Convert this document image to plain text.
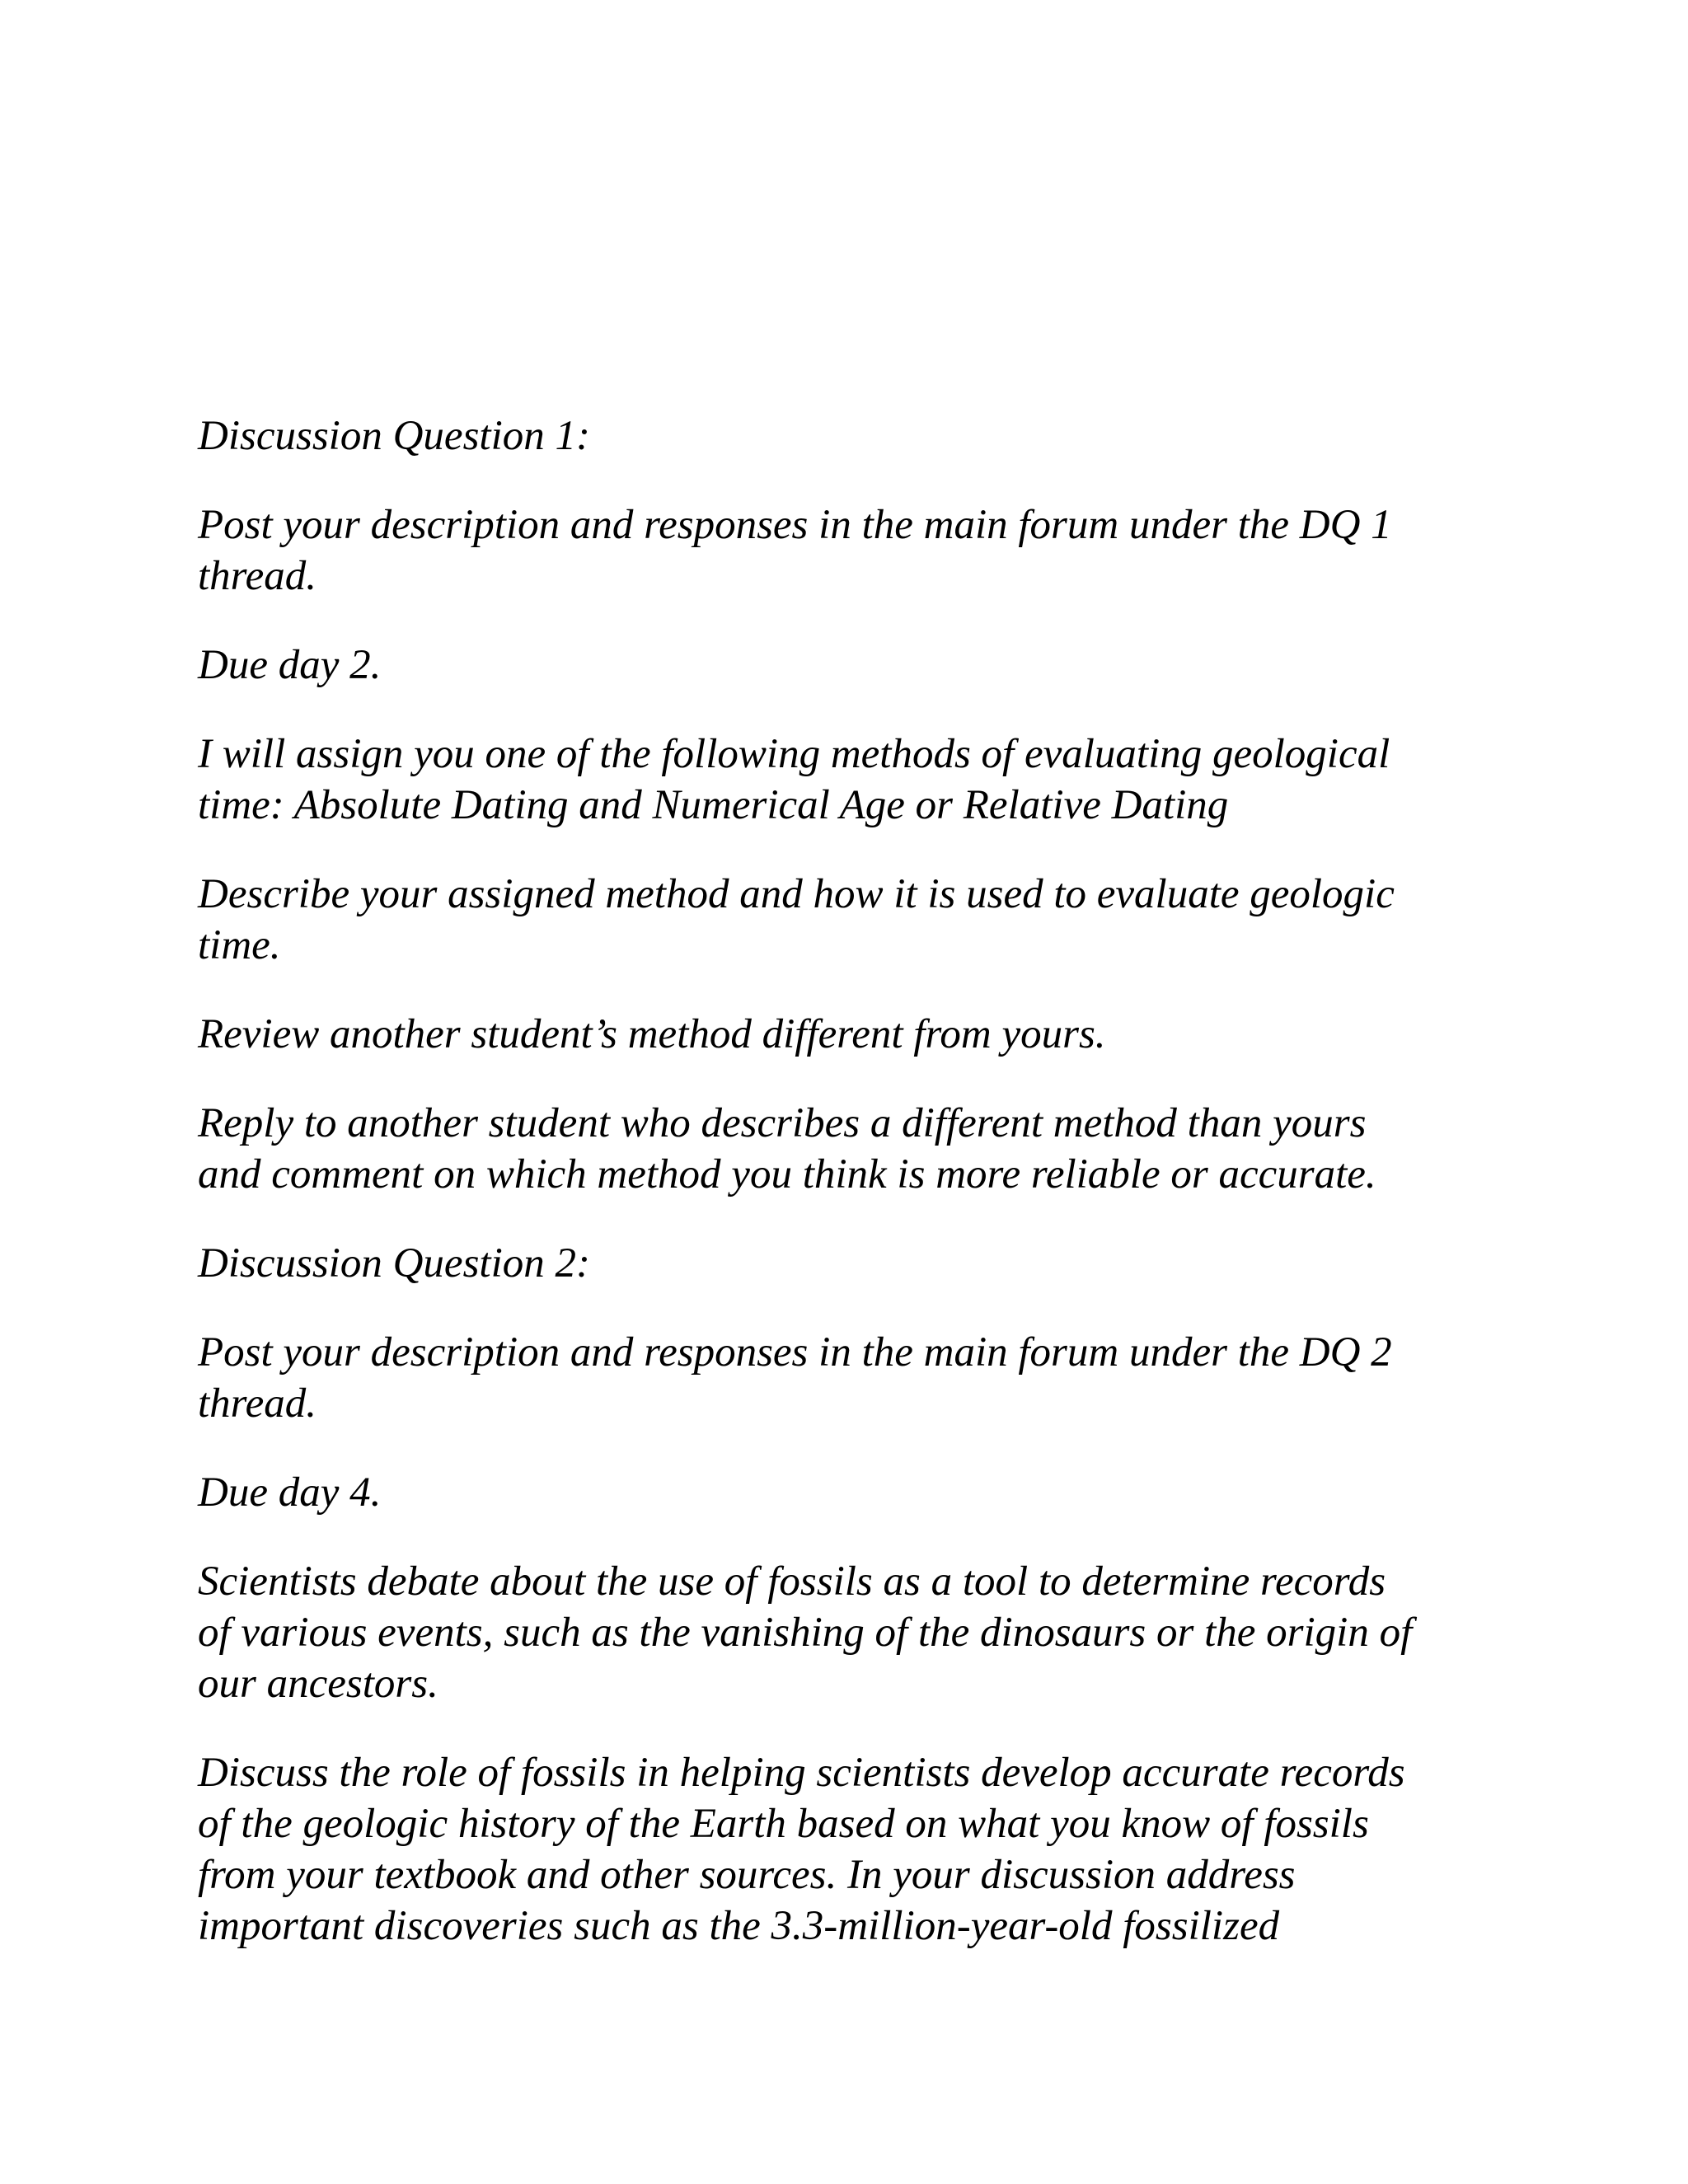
Discussion Question 1:

Post your description and responses in the main forum under the DQ 1
thread.

Due day 2.

I will assign you one of the following methods of evaluating geological
time: Absolute Dating and Numerical Age or Relative Dating

Describe your assigned method and how it is used to evaluate geologic
time.

Review another student’s method different from yours.

Reply to another student who describes a different method than yours
and comment on which method you think is more reliable or accurate.

Discussion Question 2:

Post your description and responses in the main forum under the DQ 2
thread.

Due day 4.

Scientists debate about the use of fossils as a tool to determine records
of various events, such as the vanishing of the dinosaurs or the origin of
our ancestors.

Discuss the role of fossils in helping scientists develop accurate records
of the geologic history of the Earth based on what you know of fossils
from your textbook and other sources. In your discussion address
important discoveries such as the 3.3-million-year-old fossilized
